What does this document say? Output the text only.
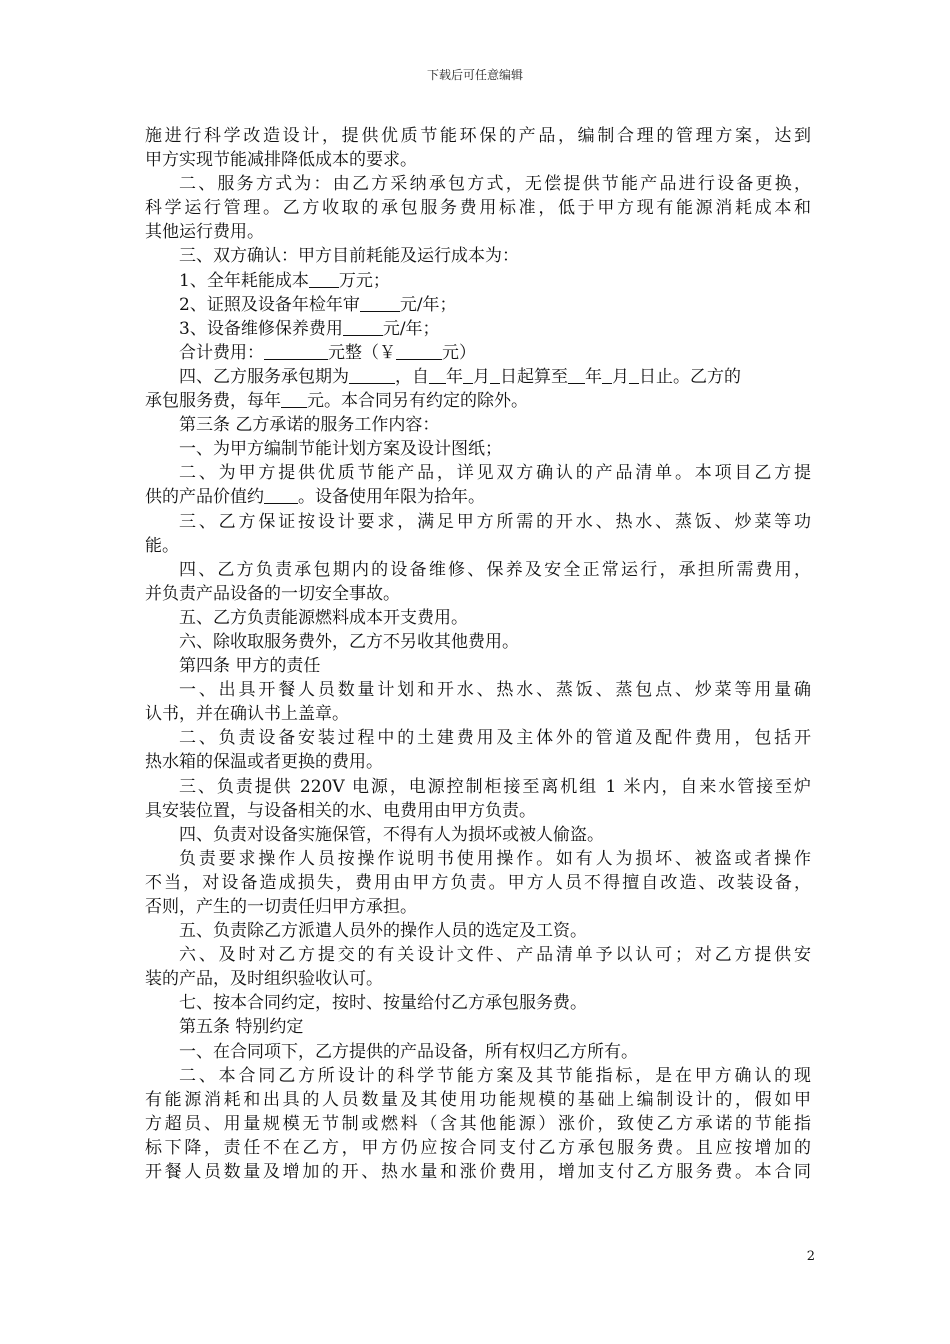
下载后可任意编辑
施进行科学改造设计，提供优质节能环保的产品，编制合理的管理方案，达到
甲方实现节能减排降低成本的要求。
二、服务方式为：由乙方采纳承包方式，无偿提供节能产品进行设备更换，
科学运行管理。乙方收取的承包服务费用标准，低于甲方现有能源消耗成本和
其他运行费用。
三、双方确认：甲方目前耗能及运行成本为：
1、全年耗能成本 万元；
2、证照及设备年检年审 元/年；
3、设备维修保养费用 元/年；
合计费用：	元整（￥	元）
四、乙方服务承包期为	，自 年 月 日起算至 年 月 日止。乙方的
承包服务费，每年 元。本合同另有约定的除外。
第三条 乙方承诺的服务工作内容：
一、为甲方编制节能计划方案及设计图纸；
二、为甲方提供优质节能产品，详见双方确认的产品清单。本项目乙方提
供的产品价值约 。设备使用年限为拾年。
三、乙方保证按设计要求，满足甲方所需的开水、热水、蒸饭、炒菜等功
能。
四、乙方负责承包期内的设备维修、保养及安全正常运行，承担所需费用，
并负责产品设备的一切安全事故。
五、乙方负责能源燃料成本开支费用。
六、除收取服务费外，乙方不另收其他费用。
第四条 甲方的责任
一、出具开餐人员数量计划和开水、热水、蒸饭、蒸包点、炒菜等用量确
认书，并在确认书上盖章。
二、负责设备安装过程中的土建费用及主体外的管道及配件费用，包括开
热水箱的保温或者更换的费用。
三、负责提供 220V 电源，电源控制柜接至离机组 1 米内，自来水管接至炉
具安装位置，与设备相关的水、电费用由甲方负责。
四、负责对设备实施保管，不得有人为损坏或被人偷盗。
负责要求操作人员按操作说明书使用操作。如有人为损坏、被盗或者操作
不当，对设备造成损失，费用由甲方负责。甲方人员不得擅自改造、改装设备，
否则，产生的一切责任归甲方承担。
五、负责除乙方派遣人员外的操作人员的选定及工资。
六、及时对乙方提交的有关设计文件、产品清单予以认可；对乙方提供安
装的产品，及时组织验收认可。
七、按本合同约定，按时、按量给付乙方承包服务费。
第五条 特别约定
一、在合同项下，乙方提供的产品设备，所有权归乙方所有。
二、本合同乙方所设计的科学节能方案及其节能指标，是在甲方确认的现
有能源消耗和出具的人员数量及其使用功能规模的基础上编制设计的，假如甲
方超员、用量规模无节制或燃料（含其他能源）涨价，致使乙方承诺的节能指
标下降，责任不在乙方，甲方仍应按合同支付乙方承包服务费。且应按增加的
开餐人员数量及增加的开、热水量和涨价费用，增加支付乙方服务费。本合同
2
